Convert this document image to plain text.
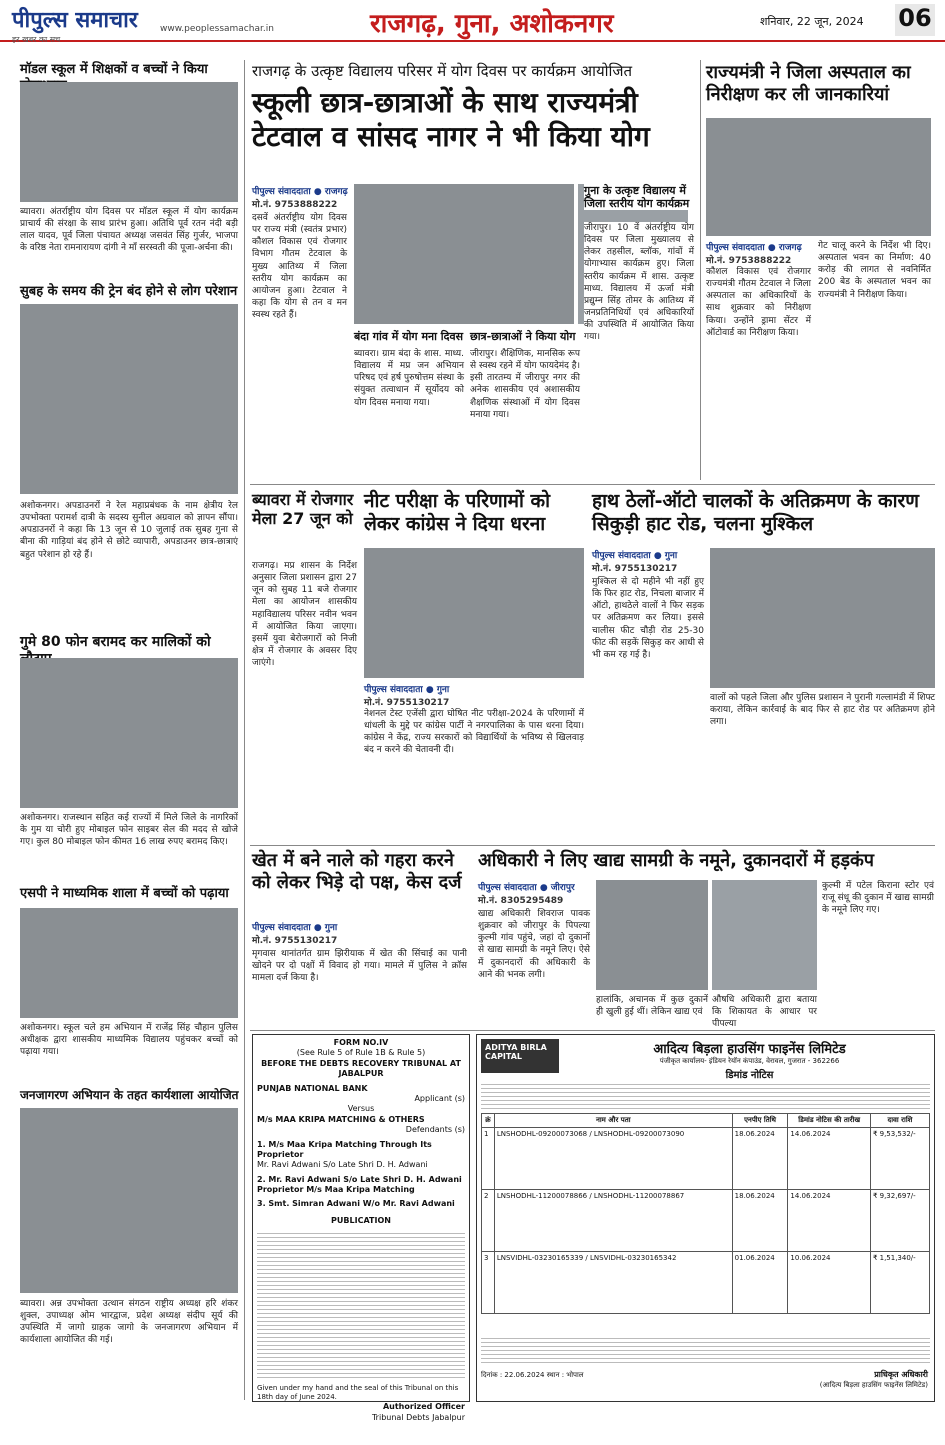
पीपुल्स समाचार
हर खबर का सच
www.peoplessamachar.in	राजगढ़, गुना, अशोकनगर	शनिवार, 22 जून, 2024 06
मॉडल स्कूल में शिक्षकों व बच्चों ने किया
ब्यावरा। अंतर्राष्ट्रीय योग दिवस पर मॉडल स्कूल में योग कार्यक्रम प्राचार्य की संरक्षा के साथ प्रारंभ हुआ। अतिथि पूर्व रतन नंदी बड़ी लाल यादव, पूर्व जिला पंचायत अध्यक्ष जसवंत सिंह गुर्जर, भाजपा के वरिष्ठ नेता रामनारायण दांगी ने माँ सरस्वती की पूजा-अर्चना की।
सुबह के समय की ट्रेन बंद होने से लोग परेशान
अशोकनगर। अपडाउनरों ने रेल महाप्रबंधक के नाम क्षेत्रीय रेल उपभोक्ता परामर्श दात्री के सदस्य सुनील अग्रवाल को ज्ञापन सौंपा। अपडाउनरों ने कहा कि 13 जून से 10 जुलाई तक सुबह गुना से बीना की गाड़ियां बंद होने से छोटे व्यापारी, अपडाउनर छात्र-छात्राएं बहुत परेशान हो रहे हैं।
गुमे 80 फोन बरामद कर मालिकों को
अशोकनगर। राजस्थान सहित कई राज्यों में मिले जिले के नागरिकों के गुम या चोरी हुए मोबाइल फोन साइबर सेल की मदद से खोजे गए। कुल 80 मोबाइल फोन कीमत 16 लाख रुपए बरामद किए।
एसपी ने माध्यमिक शाला में बच्चों को पढ़ाया
अशोकनगर। स्कूल चले हम अभियान में राजेंद्र सिंह चौहान पुलिस अधीक्षक द्वारा शासकीय माध्यमिक विद्यालय पहुंचकर बच्चों को पढ़ाया गया।
जनजागरण अभियान के तहत कार्यशाला आयोजित
ब्यावरा। अन्न उपभोक्ता उत्थान संगठन राष्ट्रीय अध्यक्ष हरि शंकर शुक्ल, उपाध्यक्ष ओम भारद्वाज, प्रदेश अध्यक्ष संदीप सूर्य की उपस्थिति में जागो ग्राहक जागो के जनजागरण अभियान में कार्यशाला आयोजित की गई।
राजगढ़ के उत्कृष्ट विद्यालय परिसर में योग दिवस पर कार्यक्रम आयोजित
स्कूली छात्र-छात्राओं के साथ राज्यमंत्री टेटवाल व सांसद नागर ने भी किया योग
पीपुल्स संवाददाता ● राजगढ़
मो.नं. 9753888222
दसवें अंतर्राष्ट्रीय योग दिवस पर राज्य मंत्री (स्वतंत्र प्रभार) कौशल विकास एवं रोजगार विभाग गौतम टेटवाल के मुख्य आतिथ्य में जिला स्तरीय योग कार्यक्रम का आयोजन हुआ। टेटवाल ने कहा कि योग से तन व मन स्वस्थ रहते हैं।
बंदा गांव में योग मना दिवस
ब्यावरा। ग्राम बंदा के शास. माध्य. विद्यालय में मप्र जन अभियान परिषद एवं हर्ष पुरुषोत्तम संस्था के संयुक्त तत्वाधान में सूर्योदय को योग दिवस मनाया गया।
छात्र-छात्राओं ने किया योग
जीरापुर। शैक्षिणिक, मानसिक रूप से स्वस्थ रहने में योग फायदेमंद है। इसी तारतम्य में जीरापुर नगर की अनेक शासकीय एवं अशासकीय शैक्षणिक संस्थाओं में योग दिवस मनाया गया।
गुना के उत्कृष्ट विद्यालय में जिला स्तरीय योग कार्यक्रम
जीरापुर। 10 वें अंतर्राष्ट्रीय योग दिवस पर जिला मुख्यालय से लेकर तहसील, ब्लॉक, गांवों में योगाभ्यास कार्यक्रम हुए। जिला स्तरीय कार्यक्रम में शास. उत्कृष्ट माध्य. विद्यालय में ऊर्जा मंत्री प्रद्युम्न सिंह तोमर के आतिथ्य में जनप्रतिनिधियों एवं अधिकारियों की उपस्थिति में आयोजित किया गया।
राज्यमंत्री ने जिला अस्पताल का निरीक्षण कर ली जानकारियां
पीपुल्स संवाददाता ● राजगढ़
मो.नं. 9753888222
कौशल विकास एवं रोजगार राज्यमंत्री गौतम टेटवाल ने जिला अस्पताल का अधिकारियों के साथ शुक्रवार को निरीक्षण किया। उन्होंने ड्रामा सेंटर में ऑटोवार्ड का निरीक्षण किया।
गेट चालू करने के निर्देश भी दिए। अस्पताल भवन का निर्माण: 40 करोड़ की लागत से नवनिर्मित 200 बेड के अस्पताल भवन का राज्यमंत्री ने निरीक्षण किया।
ब्यावरा में रोजगार मेला 27 जून को
राजगढ़। मप्र शासन के निर्देश अनुसार जिला प्रशासन द्वारा 27 जून को सुबह 11 बजे रोजगार मेला का आयोजन शासकीय महाविद्यालय परिसर नवीन भवन में आयोजित किया जाएगा। इसमें युवा बेरोजगारों को निजी क्षेत्र में रोजगार के अवसर दिए जाएंगे।
नीट परीक्षा के परिणामों को लेकर कांग्रेस ने दिया धरना
पीपुल्स संवाददाता ● गुना
मो.नं. 9755130217
नेशनल टेस्ट एजेंसी द्वारा घोषित नीट परीक्षा-2024 के परिणामों में धांधली के मुद्दे पर कांग्रेस पार्टी ने नगरपालिका के पास धरना दिया। कांग्रेस ने केंद्र, राज्य सरकारों को विद्यार्थियों के भविष्य से खिलवाड़ बंद न करने की चेतावनी दी।
हाथ ठेलों-ऑटो चालकों के अतिक्रमण के कारण सिकुड़ी हाट रोड, चलना मुश्किल
पीपुल्स संवाददाता ● गुना
मो.नं. 9755130217
मुश्किल से दो महीने भी नहीं हुए कि फिर हाट रोड, निचला बाजार में ऑटो, हाथठेले वालों ने फिर सड़क पर अतिक्रमण कर लिया। इससे चालीस फीट चौड़ी रोड 25-30 फीट की सड़कें सिकुड़ कर आधी से भी कम रह गई है।
वालों को पहले जिला और पुलिस प्रशासन ने पुरानी गल्लामंडी में शिफ्ट कराया, लेकिन कार्रवाई के बाद फिर से हाट रोड पर अतिक्रमण होने लगा।
खेत में बने नाले को गहरा करने को लेकर भिड़े दो पक्ष, केस दर्ज
पीपुल्स संवाददाता ● गुना
मो.नं. 9755130217
मृगवास थानांतर्गत ग्राम झिरीयाक में खेत की सिंचाई का पानी खोदने पर दो पक्षों में विवाद हो गया। मामले में पुलिस ने क्रॉस मामला दर्ज किया है।
अधिकारी ने लिए खाद्य सामग्री के नमूने, दुकानदारों में हड़कंप
पीपुल्स संवाददाता ● जीरापुर
मो.नं. 8305295489
खाद्य अधिकारी शिवराज पावक शुक्रवार को जीरापुर के पिपल्या कुल्मी गांव पहुंचे, जहां दो दुकानों से खाद्य सामग्री के नमूने लिए। ऐसे में दुकानदारों की अधिकारी के आने की भनक लगी।
हालांकि, अचानक में कुछ दुकानें ही खुली हुई थीं। लेकिन खाद्य एवं
औषधि अधिकारी द्वारा बताया कि शिकायत के आधार पर पीपल्या
कुल्मी में पटेल किराना स्टोर एवं राजू संधू की दुकान में खाद्य सामग्री के नमूने लिए गए।
FORM NO.IV
(See Rule 5 of Rule 1B & Rule 5)
BEFORE THE DEBTS RECOVERY TRIBUNAL AT JABALPUR
PUNJAB NATIONAL BANK
Applicant (s)
Versus
M/s MAA KRIPA MATCHING & OTHERS
Defendants (s)
1. M/s Maa Kripa Matching Through Its Proprietor
Mr. Ravi Adwani S/o Late Shri D. H. Adwani
2. Mr. Ravi Adwani S/o Late Shri D. H. Adwani Proprietor M/s Maa Kripa Matching
3. Smt. Simran Adwani W/o Mr. Ravi Adwani
PUBLICATION
Given under my hand and the seal of this Tribunal on this 18th day of June 2024.
Authorized Officer
Tribunal Debts Jabalpur
ADITYA BIRLA CAPITAL	आदित्य बिड़ला हाउसिंग फाइनेंस लिमिटेड
पंजीकृत कार्यालय- इंडियन रेयॉन कंपाउंड, वेरावल, गुजरात - 362266
डिमांड नोटिस
क्रं	नाम और पता	एनपीए तिथि	डिमांड नोटिस की तारीख	दावा राशि
1	LNSHODHL-09200073068 / LNSHODHL-09200073090	18.06.2024	14.06.2024	₹ 9,53,532/-
2	LNSHODHL-11200078866 / LNSHODHL-11200078867	18.06.2024	14.06.2024	₹ 9,32,697/-
3	LNSVIDHL-03230165339 / LNSVIDHL-03230165342	01.06.2024	10.06.2024	₹ 1,51,340/-
दिनांक : 22.06.2024 स्थान : भोपाल	प्राधिकृत अधिकारी
(आदित्य बिड़ला हाउसिंग फाइनेंस लिमिटेड)
